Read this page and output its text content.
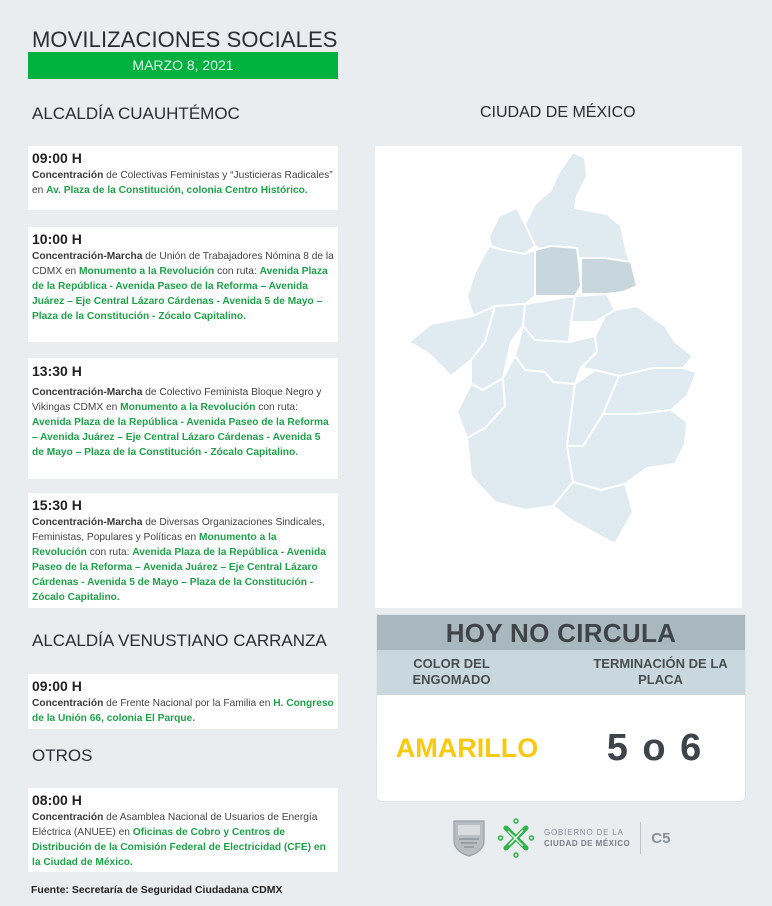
MOVILIZACIONES SOCIALES
MARZO 8, 2021
ALCALDÍA CUAUHTÉMOC
09:00 H
Concentración de Colectivas Feministas y “Justicieras Radicales” en Av. Plaza de la Constitución, colonia Centro Histórico.
10:00 H
Concentración-Marcha de Unión de Trabajadores Nómina 8 de la CDMX en Monumento a la Revolución con ruta: Avenida Plaza de la República - Avenida Paseo de la Reforma – Avenida Juárez – Eje Central Lázaro Cárdenas - Avenida 5 de Mayo – Plaza de la Constitución - Zócalo Capitalino.
13:30 H
Concentración-Marcha de Colectivo Feminista Bloque Negro y Vikingas CDMX en Monumento a la Revolución con ruta: Avenida Plaza de la República - Avenida Paseo de la Reforma – Avenida Juárez – Eje Central Lázaro Cárdenas - Avenida 5 de Mayo – Plaza de la Constitución - Zócalo Capitalino.
15:30 H
Concentración-Marcha de Diversas Organizaciones Sindicales, Feministas, Populares y Políticas en Monumento a la Revolución con ruta: Avenida Plaza de la República - Avenida Paseo de la Reforma – Avenida Juárez – Eje Central Lázaro Cárdenas - Avenida 5 de Mayo – Plaza de la Constitución - Zócalo Capitalino.
ALCALDÍA VENUSTIANO CARRANZA
09:00 H
Concentración de Frente Nacional por la Familia en H. Congreso de la Unión 66, colonia El Parque.
OTROS
08:00 H
Concentración de Asamblea Nacional de Usuarios de Energía Eléctrica (ANUEE) en Oficinas de Cobro y Centros de Distribución de la Comisión Federal de Electricidad (CFE) en la Ciudad de México.
Fuente: Secretaría de Seguridad Ciudadana CDMX
CIUDAD DE MÉXICO
HOY NO CIRCULA
COLOR DEL ENGOMADO
TERMINACIÓN DE LA PLACA
AMARILLO	5 o 6
GOBIERNO DE LA
CIUDAD DE MÉXICO C5
